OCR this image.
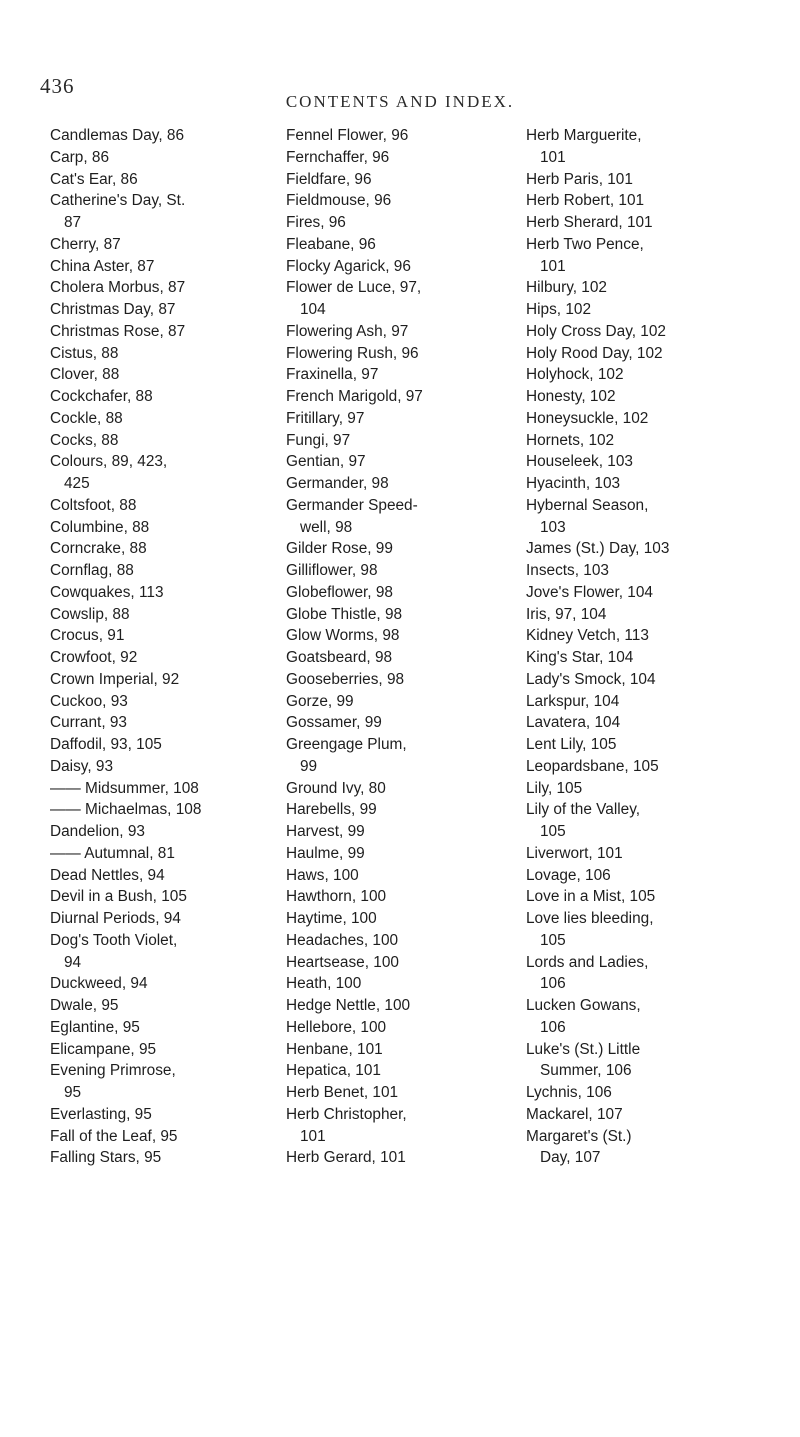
436
CONTENTS AND INDEX.
Candlemas Day, 86
Carp, 86
Cat's Ear, 86
Catherine's Day, St.
87
Cherry, 87
China Aster, 87
Cholera Morbus, 87
Christmas Day, 87
Christmas Rose, 87
Cistus, 88
Clover, 88
Cockchafer, 88
Cockle, 88
Cocks, 88
Colours, 89, 423,
425
Coltsfoot, 88
Columbine, 88
Corncrake, 88
Cornflag, 88
Cowquakes, 113
Cowslip, 88
Crocus, 91
Crowfoot, 92
Crown Imperial, 92
Cuckoo, 93
Currant, 93
Daffodil, 93, 105
Daisy, 93
—— Midsummer, 108
—— Michaelmas, 108
Dandelion, 93
—— Autumnal, 81
Dead Nettles, 94
Devil in a Bush, 105
Diurnal Periods, 94
Dog's Tooth Violet,
94
Duckweed, 94
Dwale, 95
Eglantine, 95
Elicampane, 95
Evening Primrose,
95
Everlasting, 95
Fall of the Leaf, 95
Falling Stars, 95
Fennel Flower, 96
Fernchaffer, 96
Fieldfare, 96
Fieldmouse, 96
Fires, 96
Fleabane, 96
Flocky Agarick, 96
Flower de Luce, 97,
104
Flowering Ash, 97
Flowering Rush, 96
Fraxinella, 97
French Marigold, 97
Fritillary, 97
Fungi, 97
Gentian, 97
Germander, 98
Germander Speed-
well, 98
Gilder Rose, 99
Gilliflower, 98
Globeflower, 98
Globe Thistle, 98
Glow Worms, 98
Goatsbeard, 98
Gooseberries, 98
Gorze, 99
Gossamer, 99
Greengage Plum,
99
Ground Ivy, 80
Harebells, 99
Harvest, 99
Haulme, 99
Haws, 100
Hawthorn, 100
Haytime, 100
Headaches, 100
Heartsease, 100
Heath, 100
Hedge Nettle, 100
Hellebore, 100
Henbane, 101
Hepatica, 101
Herb Benet, 101
Herb Christopher,
101
Herb Gerard, 101
Herb Marguerite,
101
Herb Paris, 101
Herb Robert, 101
Herb Sherard, 101
Herb Two Pence,
101
Hilbury, 102
Hips, 102
Holy Cross Day, 102
Holy Rood Day, 102
Holyhock, 102
Honesty, 102
Honeysuckle, 102
Hornets, 102
Houseleek, 103
Hyacinth, 103
Hybernal Season,
103
James (St.) Day, 103
Insects, 103
Jove's Flower, 104
Iris, 97, 104
Kidney Vetch, 113
King's Star, 104
Lady's Smock, 104
Larkspur, 104
Lavatera, 104
Lent Lily, 105
Leopardsbane, 105
Lily, 105
Lily of the Valley,
105
Liverwort, 101
Lovage, 106
Love in a Mist, 105
Love lies bleeding,
105
Lords and Ladies,
106
Lucken Gowans,
106
Luke's (St.) Little
Summer, 106
Lychnis, 106
Mackarel, 107
Margaret's (St.)
Day, 107
